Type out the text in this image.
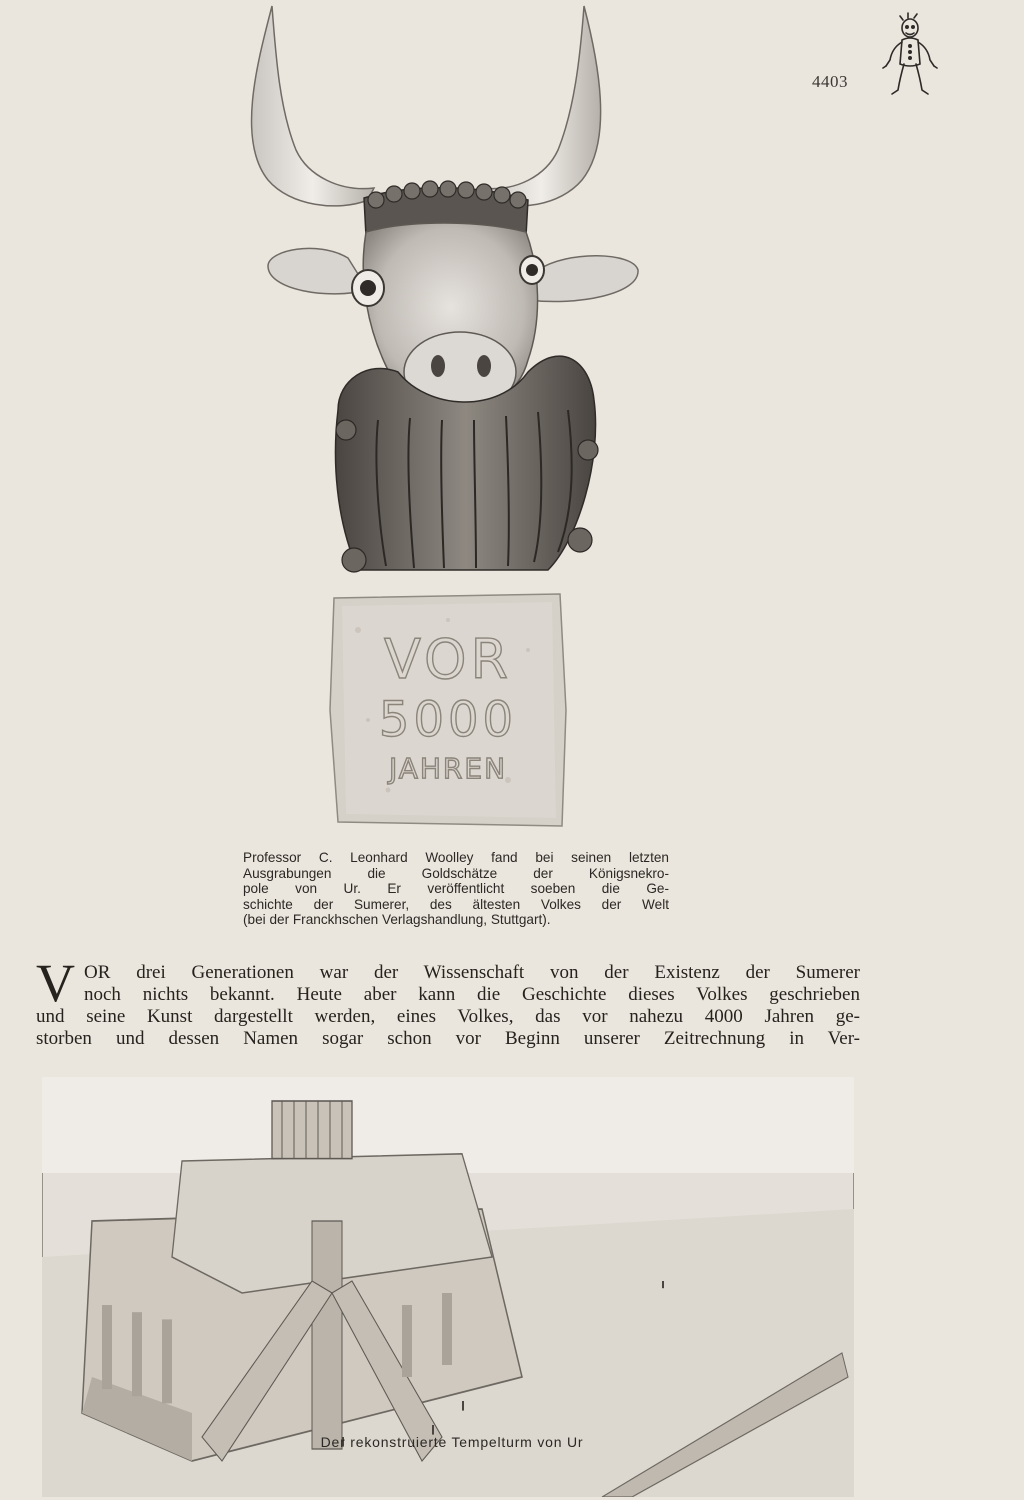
4403
VOR
5000
JAHREN
Professor C. Leonhard Woolley fand bei seinen letzten
Ausgrabungen die Goldschätze der Königsnekro-
pole von Ur. Er veröffentlicht soeben die Ge-
schichte der Sumerer, des ältesten Volkes der Welt
(bei der Franckhschen Verlagshandlung, Stuttgart).
V OR drei Generationen war der Wissenschaft von der Existenz der Sumerer
noch nichts bekannt. Heute aber kann die Geschichte dieses Volkes geschrieben
und seine Kunst dargestellt werden, eines Volkes, das vor nahezu 4000 Jahren ge-
storben und dessen Namen sogar schon vor Beginn unserer Zeitrechnung in Ver-
Der rekonstruierte Tempelturm von Ur
